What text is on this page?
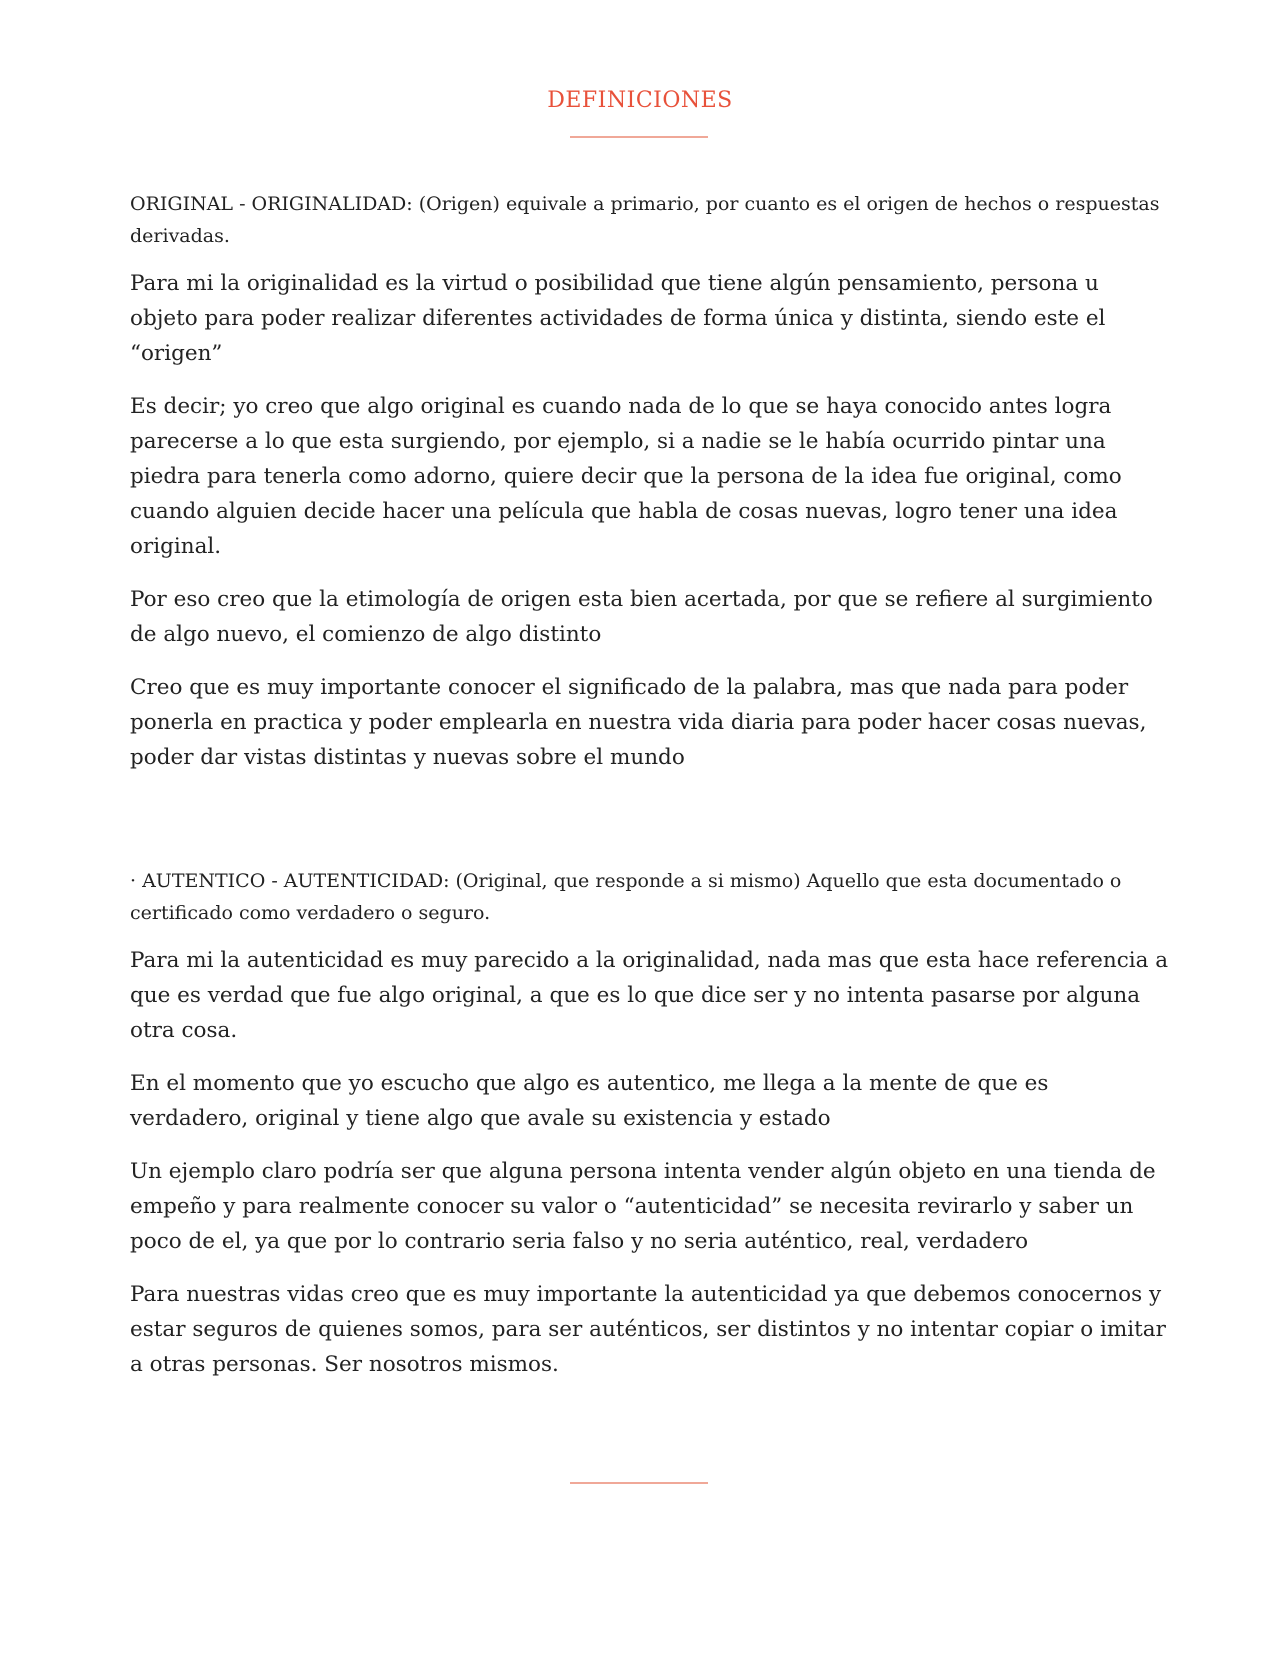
DEFINICIONES

ORIGINAL - ORIGINALIDAD: (Origen) equivale a primario, por cuanto es el origen de hechos o respuestas derivadas.

Para mi la originalidad es la virtud o posibilidad que tiene algún pensamiento, persona u objeto para poder realizar diferentes actividades de forma única y distinta, siendo este el “origen”

Es decir; yo creo que algo original es cuando nada de lo que se haya conocido antes logra parecerse a lo que esta surgiendo, por ejemplo, si a nadie se le había ocurrido pintar una piedra para tenerla como adorno, quiere decir que la persona de la idea fue original, como cuando alguien decide hacer una película que habla de cosas nuevas, logro tener una idea original.

Por eso creo que la etimología de origen esta bien acertada, por que se refiere al surgimiento de algo nuevo, el comienzo de algo distinto

Creo que es muy importante conocer el significado de la palabra, mas que nada para poder ponerla en practica y poder emplearla en nuestra vida diaria para poder hacer cosas nuevas, poder dar vistas distintas y nuevas sobre el mundo

· AUTENTICO - AUTENTICIDAD: (Original, que responde a si mismo) Aquello que esta documentado o certificado como verdadero o seguro.

Para mi la autenticidad es muy parecido a la originalidad, nada mas que esta hace referencia a que es verdad que fue algo original, a que es lo que dice ser y no intenta pasarse por alguna otra cosa.

En el momento que yo escucho que algo es autentico, me llega a la mente de que es verdadero, original y tiene algo que avale su existencia y estado

Un ejemplo claro podría ser que alguna persona intenta vender algún objeto en una tienda de empeño y para realmente conocer su valor o “autenticidad” se necesita revirarlo y saber un poco de el, ya que por lo contrario seria falso y no seria auténtico, real, verdadero

Para nuestras vidas creo que es muy importante la autenticidad ya que debemos conocernos y estar seguros de quienes somos, para ser auténticos, ser distintos y no intentar copiar o imitar a otras personas. Ser nosotros mismos.
